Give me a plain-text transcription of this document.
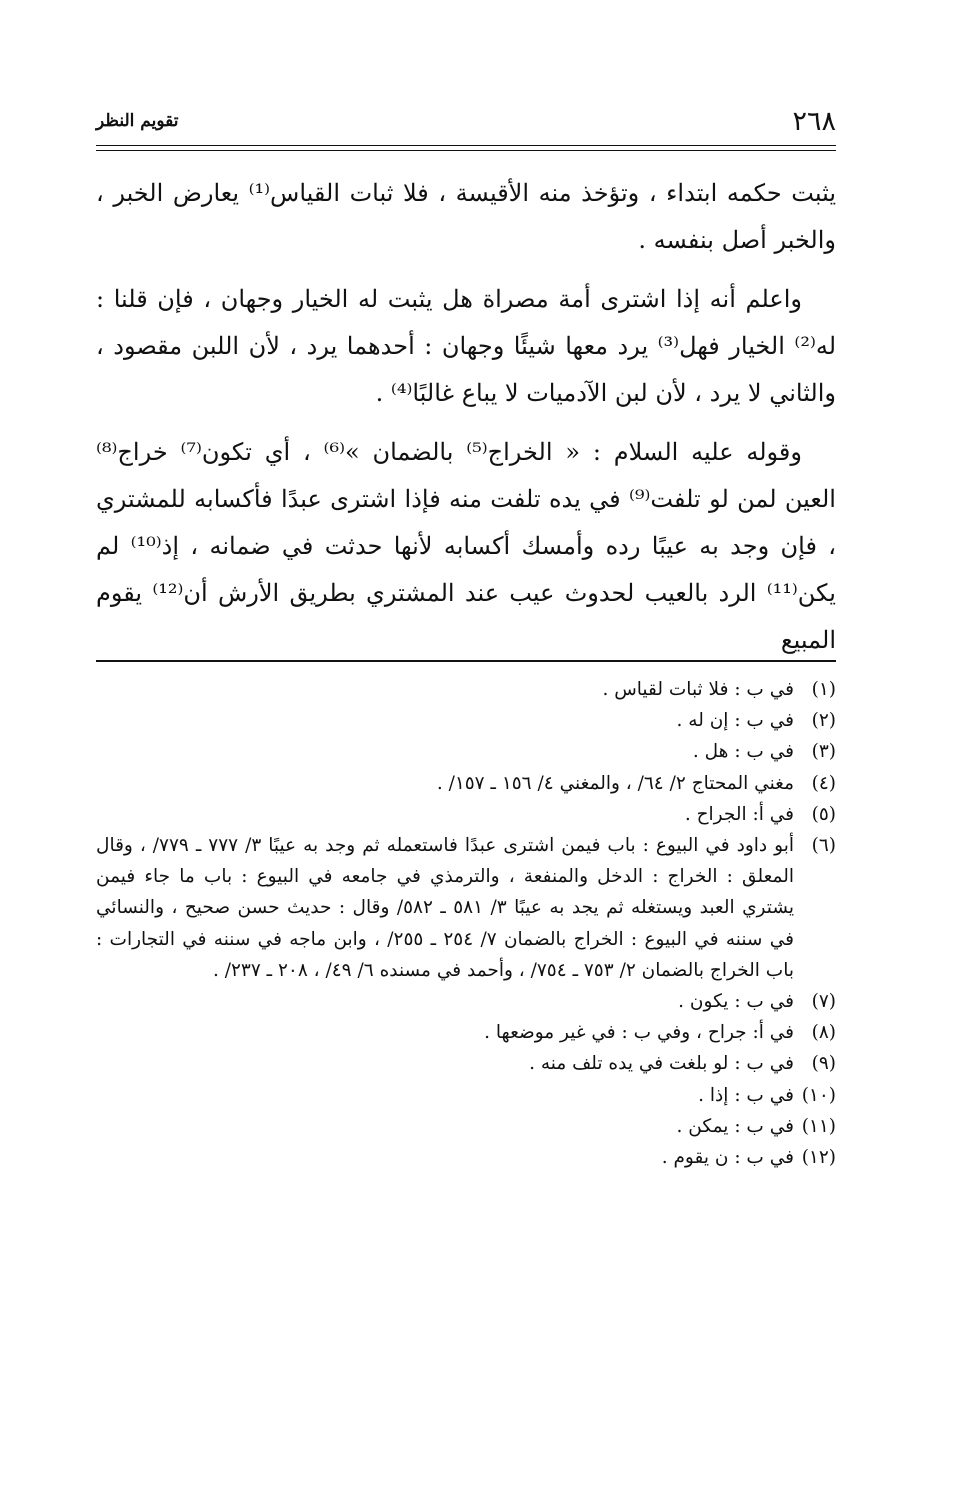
٢٦٨
تقويم النظر

يثبت حكمه ابتداء ، وتؤخذ منه الأقيسة ، فلا ثبات القياس⁽¹⁾ يعارض الخبر ، والخبر أصل بنفسه .

واعلم أنه إذا اشترى أمة مصراة هل يثبت له الخيار وجهان ، فإن قلنا : له⁽²⁾ الخيار فهل⁽³⁾ يرد معها شيئًا وجهان : أحدهما يرد ، لأن اللبن مقصود ، والثاني لا يرد ، لأن لبن الآدميات لا يباع غالبًا⁽⁴⁾ .

وقوله عليه السلام : « الخراج⁽⁵⁾ بالضمان »⁽⁶⁾ ، أي تكون⁽⁷⁾ خراج⁽⁸⁾ العين لمن لو تلفت⁽⁹⁾ في يده تلفت منه فإذا اشترى عبدًا فأكسابه للمشتري ، فإن وجد به عيبًا رده وأمسك أكسابه لأنها حدثت في ضمانه ، إذ⁽¹⁰⁾ لم يكن⁽¹¹⁾ الرد بالعيب لحدوث عيب عند المشتري بطريق الأرش أن⁽¹²⁾ يقوم المبيع

(١)
في ب : فلا ثبات لقياس .
(٢)
في ب : إن له .
(٣)
في ب : هل .
(٤)
مغني المحتاج ٢/ ٦٤/ ، والمغني ٤/ ١٥٦ ـ ١٥٧/ .
(٥)
في أ: الجراح .
(٦)
أبو داود في البيوع : باب فيمن اشترى عبدًا فاستعمله ثم وجد به عيبًا ٣/ ٧٧٧ ـ ٧٧٩/ ، وقال المعلق : الخراج : الدخل والمنفعة ، والترمذي في جامعه في البيوع : باب ما جاء فيمن يشتري العبد ويستغله ثم يجد به عيبًا ٣/ ٥٨١ ـ ٥٨٢/ وقال : حديث حسن صحيح ، والنسائي في سننه في البيوع : الخراج بالضمان ٧/ ٢٥٤ ـ ٢٥٥/ ، وابن ماجه في سننه في التجارات : باب الخراج بالضمان ٢/ ٧٥٣ ـ ٧٥٤/ ، وأحمد في مسنده ٦/ ٤٩/ ، ٢٠٨ ـ ٢٣٧/ .
(٧)
في ب : يكون .
(٨)
في أ: جراح ، وفي ب : في غير موضعها .
(٩)
في ب : لو بلغت في يده تلف منه .
(١٠)
في ب : إذا .
(١١)
في ب : يمكن .
(١٢)
في ب : ن يقوم .
